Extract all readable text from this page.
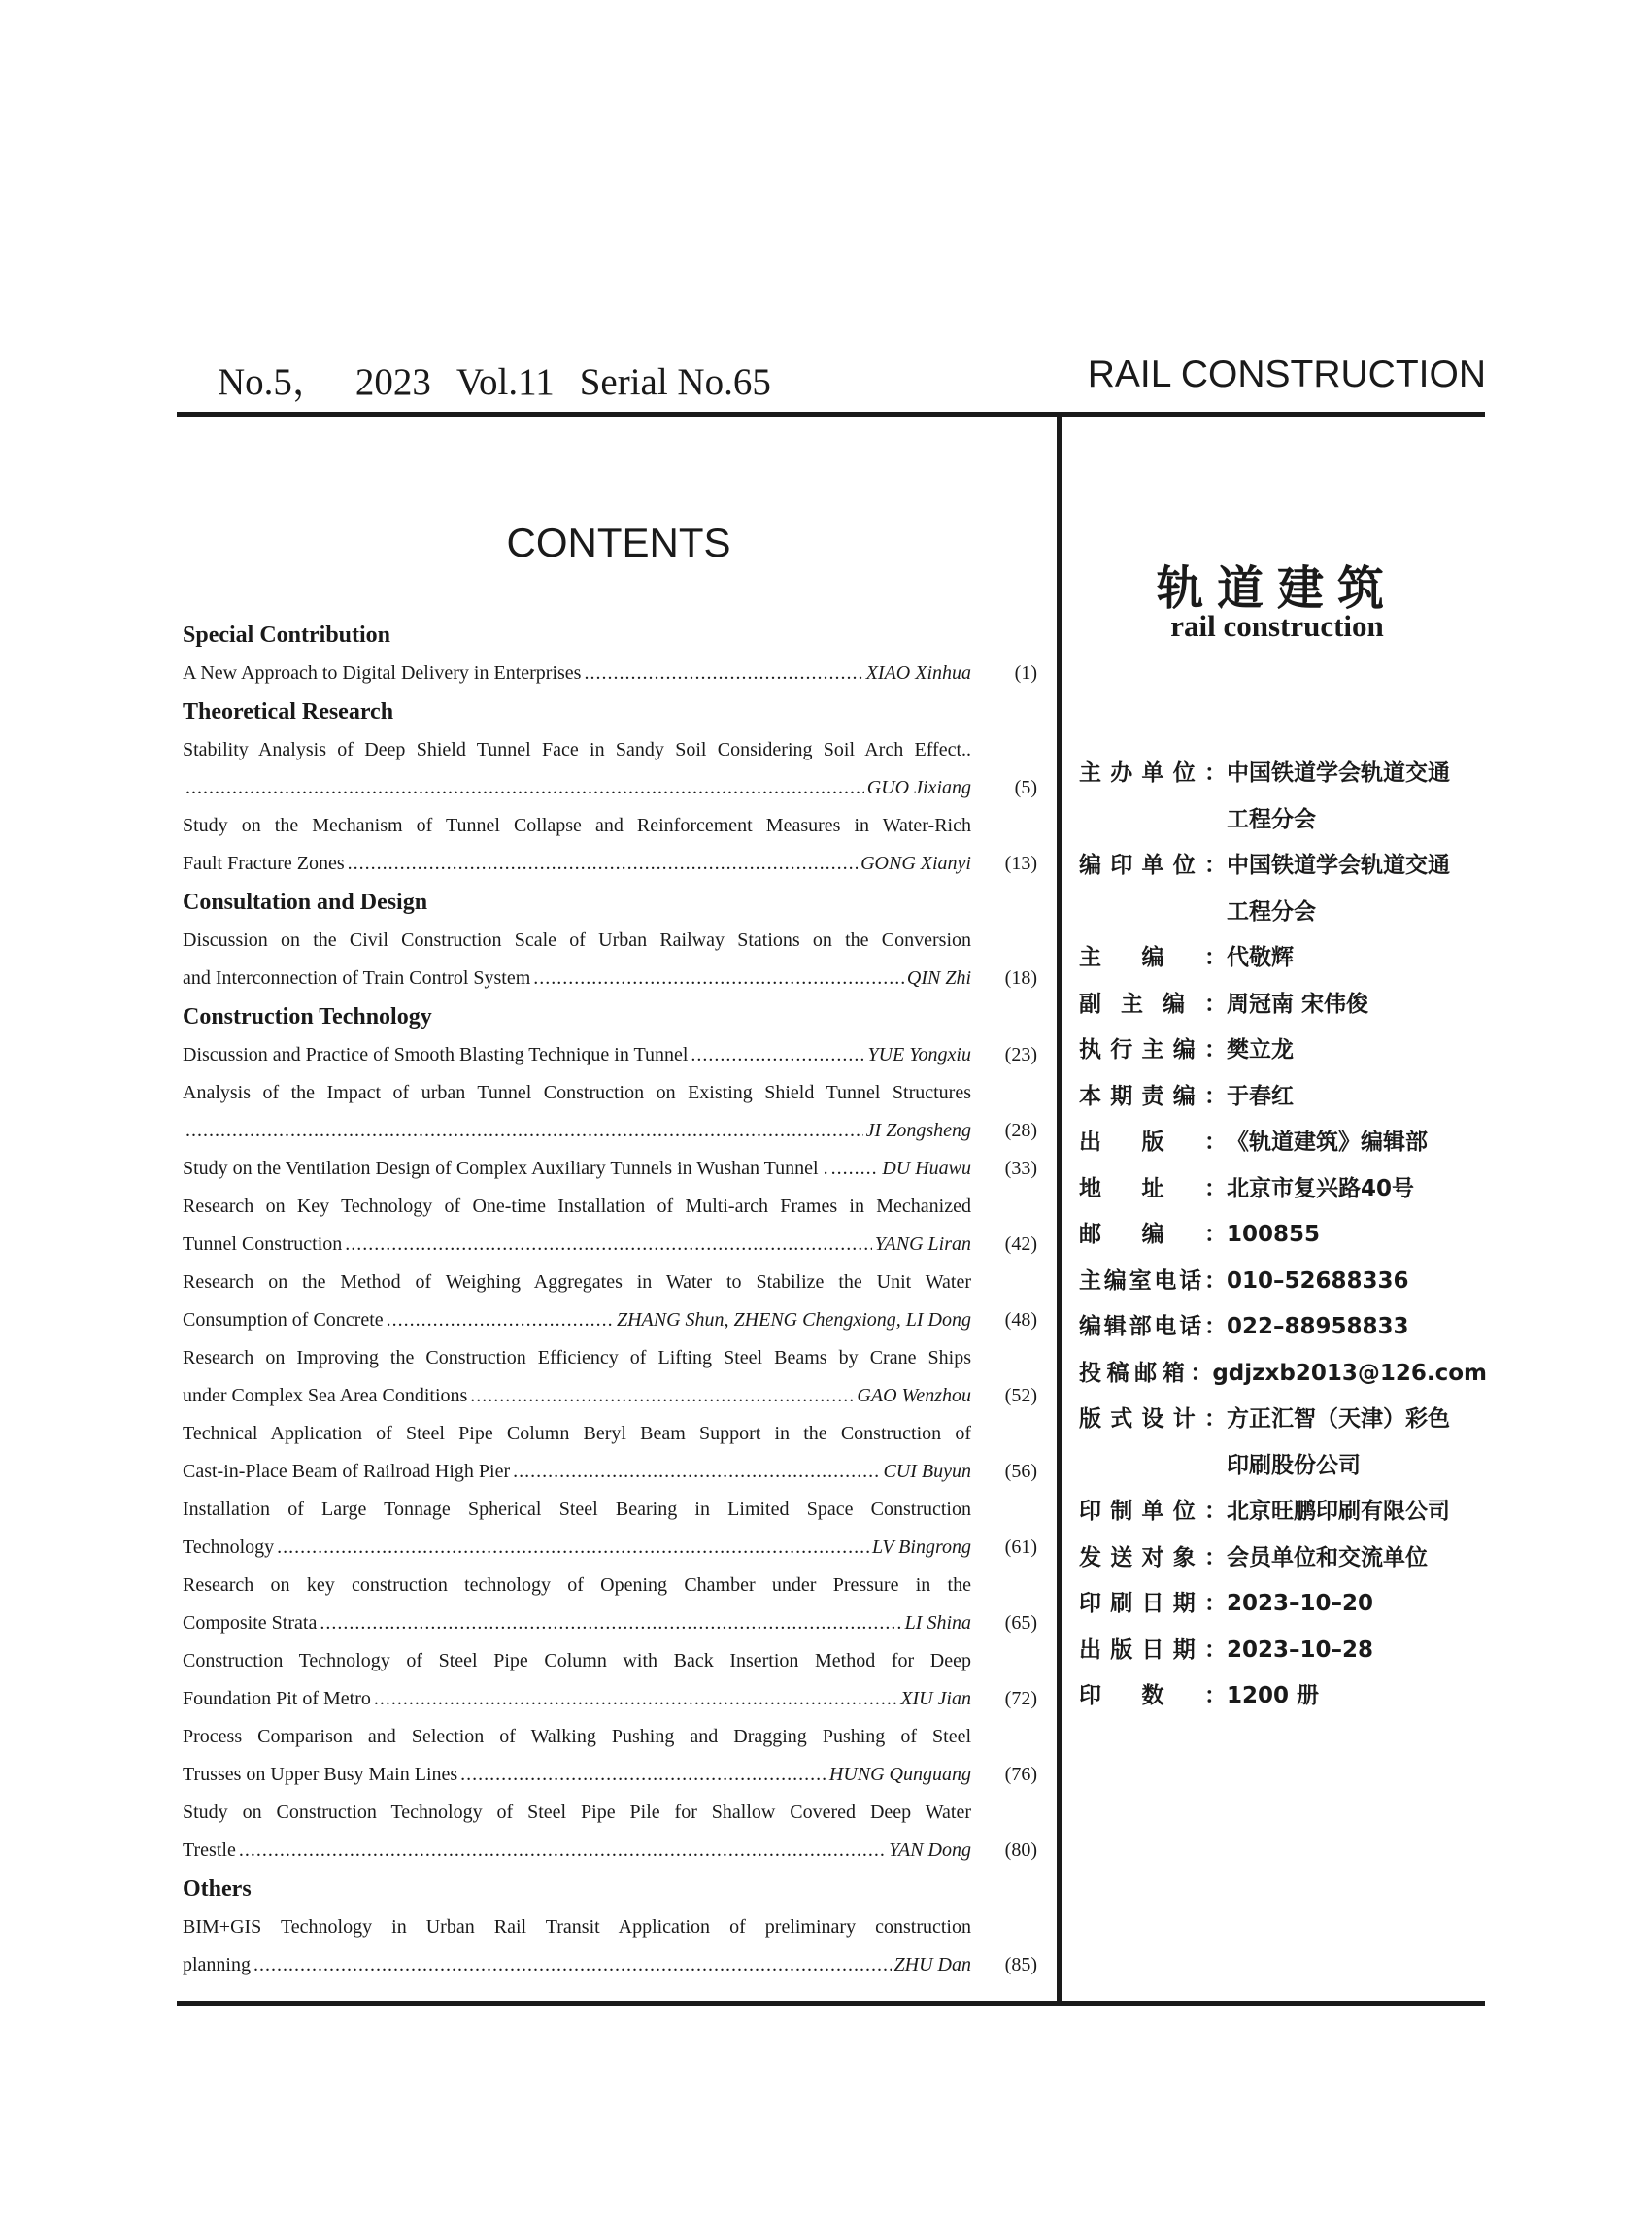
No.5， 2023 Vol.11 Serial No.65	RAIL CONSTRUCTION
CONTENTS
Special Contribution
A New Approach to Digital Delivery in Enterprises .....	XIAO Xinhua	(1)
Theoretical Research
Stability Analysis of Deep Shield Tunnel Face in Sandy Soil Considering Soil Arch Effect..
.....
GUO Jixiang	(5)
Study on the Mechanism of Tunnel Collapse and Reinforcement Measures in Water-Rich
Fault Fracture Zones .....	GONG Xianyi	(13)
Consultation and Design
Discussion on the Civil Construction Scale of Urban Railway Stations on the Conversion
and Interconnection of Train Control System .....	QIN Zhi	(18)
Construction Technology
Discussion and Practice of Smooth Blasting Technique in Tunnel .....	YUE Yongxiu	(23)
Analysis of the Impact of urban Tunnel Construction on Existing Shield Tunnel Structures
.....
JI Zongsheng	(28)
Study on the Ventilation Design of Complex Auxiliary Tunnels in Wushan Tunnel . .....	DU Huawu	(33)
Research on Key Technology of One-time Installation of Multi-arch Frames in Mechanized
Tunnel Construction .....	YANG Liran	(42)
Research on the Method of Weighing Aggregates in Water to Stabilize the Unit Water
Consumption of Concrete .....	ZHANG Shun, ZHENG Chengxiong, LI Dong	(48)
Research on Improving the Construction Efficiency of Lifting Steel Beams by Crane Ships
under Complex Sea Area Conditions .....	GAO Wenzhou	(52)
Technical Application of Steel Pipe Column Beryl Beam Support in the Construction of
Cast-in-Place Beam of Railroad High Pier .....	CUI Buyun	(56)
Installation of Large Tonnage Spherical Steel Bearing in Limited Space Construction
Technology .....	LV Bingrong	(61)
Research on key construction technology of Opening Chamber under Pressure in the
Composite Strata .....	LI Shina	(65)
Construction Technology of Steel Pipe Column with Back Insertion Method for Deep
Foundation Pit of Metro .....	XIU Jian	(72)
Process Comparison and Selection of Walking Pushing and Dragging Pushing of Steel
Trusses on Upper Busy Main Lines .....	HUNG Qunguang	(76)
Study on Construction Technology of Steel Pipe Pile for Shallow Covered Deep Water
Trestle .....	YAN Dong	(80)
Others
BIM+GIS Technology in Urban Rail Transit Application of preliminary construction
planning .....	ZHU Dan	(85)
轨道建筑
rail construction
主办单位： 中国铁道学会轨道交通
工程分会
编印单位： 中国铁道学会轨道交通
工程分会
主编： 代敬辉
副主编： 周冠南 宋伟俊
执行主编： 樊立龙
本期责编： 于春红
出版： 《轨道建筑》编辑部
地址： 北京市复兴路40号
邮编： 100855
主编室电话： 010–52688336
编辑部电话： 022–88958833
投稿邮箱： gdjzxb2013@126.com
版式设计： 方正汇智（天津）彩色
印刷股份公司
印制单位： 北京旺鹏印刷有限公司
发送对象： 会员单位和交流单位
印刷日期： 2023–10–20
出版日期： 2023–10–28
印数： 1200 册
